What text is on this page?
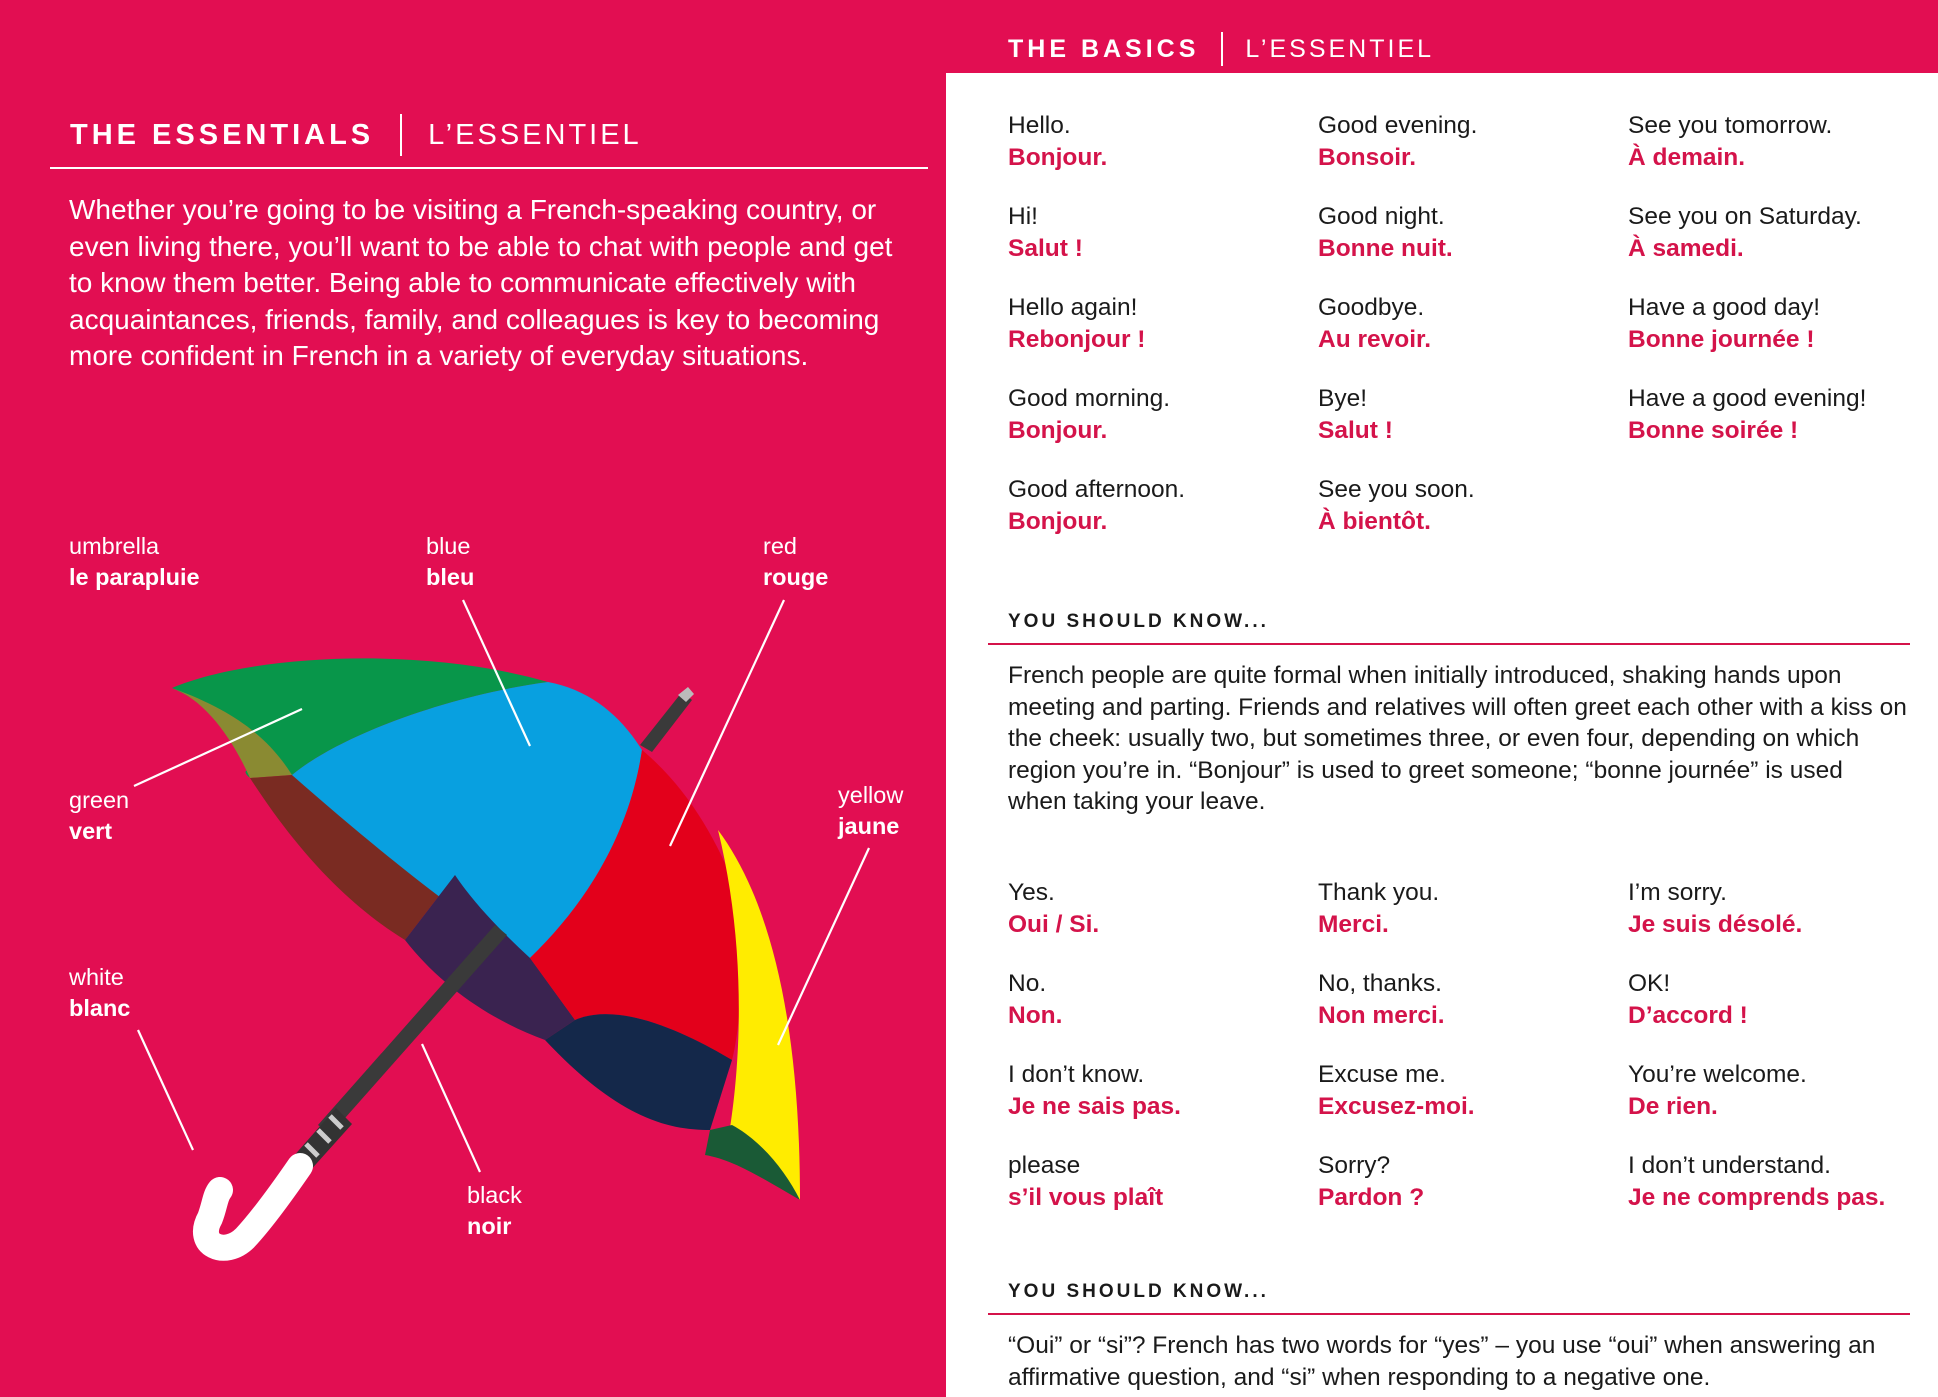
THE ESSENTIALS L’ESSENTIEL
Whether you’re going to be visiting a French-speaking country, or even living there, you’ll want to be able to chat with people and get to know them better. Being able to communicate effectively with acquaintances, friends, family, and colleagues is key to becoming more confident in French in a variety of everyday situations.
umbrella
le parapluie
blue
bleu
red
rouge
green
vert
yellow
jaune
white
blanc
black
noir
THE BASICS L’ESSENTIEL
Hello.
Bonjour.
Hi!
Salut !
Hello again!
Rebonjour !
Good morning.
Bonjour.
Good afternoon.
Bonjour.
Good evening.
Bonsoir.
Good night.
Bonne nuit.
Goodbye.
Au revoir.
Bye!
Salut !
See you soon.
À bientôt.
See you tomorrow.
À demain.
See you on Saturday.
À samedi.
Have a good day!
Bonne journée !
Have a good evening!
Bonne soirée !
YOU SHOULD KNOW...
French people are quite formal when initially introduced, shaking hands upon meeting and parting. Friends and relatives will often greet each other with a kiss on the cheek: usually two, but sometimes three, or even four, depending on which region you’re in. “Bonjour” is used to greet someone; “bonne journée” is used when taking your leave.
Yes.
Oui / Si.
No.
Non.
I don’t know.
Je ne sais pas.
please
s’il vous plaît
Thank you.
Merci.
No, thanks.
Non merci.
Excuse me.
Excusez-moi.
Sorry?
Pardon ?
I’m sorry.
Je suis désolé.
OK!
D’accord !
You’re welcome.
De rien.
I don’t understand.
Je ne comprends pas.
YOU SHOULD KNOW...
“Oui” or “si”? French has two words for “yes” – you use “oui” when answering an affirmative question, and “si” when responding to a negative one.
